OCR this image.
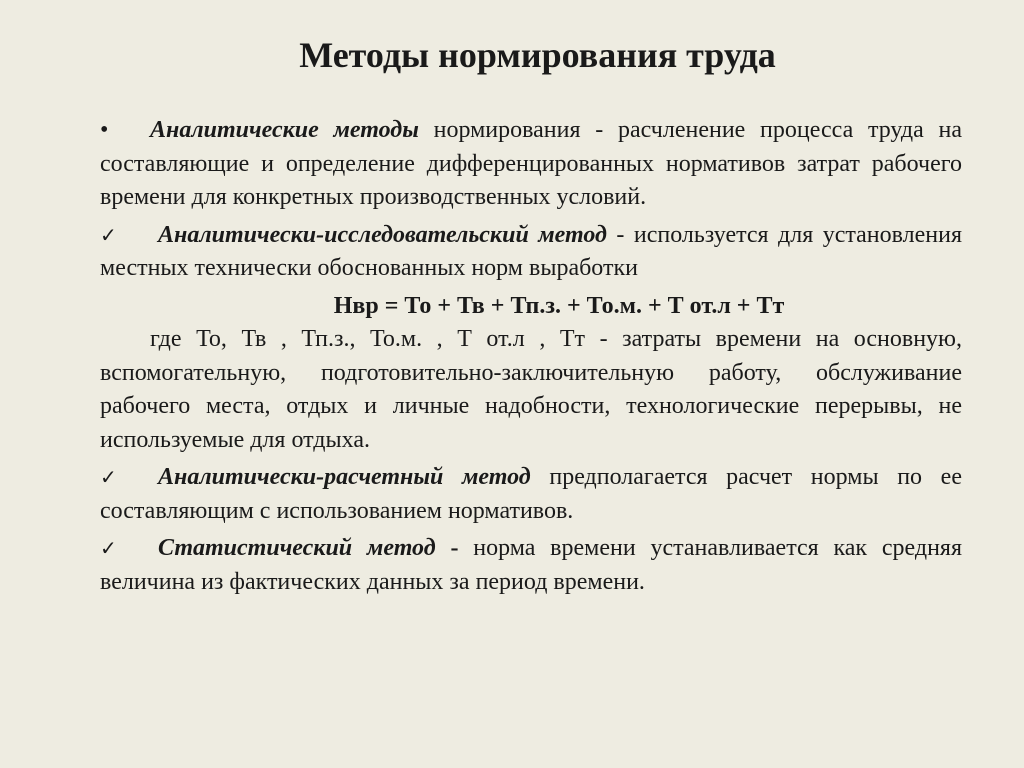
Методы нормирования труда
• Аналитические методы нормирования - расчленение процесса труда на составляющие и определение дифференцированных нормативов затрат рабочего времени для конкретных производственных условий.
✓ Аналитически-исследовательский метод - используется для установления местных технически обоснованных норм выработки
Нвр = То + Тв + Тп.з. + То.м. + Т от.л + Тт
где То, Тв , Тп.з., То.м. , Т от.л , Тт - затраты времени на основную, вспомогательную, подготовительно-заключительную работу, обслуживание рабочего места, отдых и личные надобности, технологические перерывы, не используемые для отдыха.
✓ Аналитически-расчетный метод предполагается расчет нормы по ее составляющим с использованием нормативов.
✓ Статистический метод - норма времени устанавливается как средняя величина из фактических данных за период времени.
